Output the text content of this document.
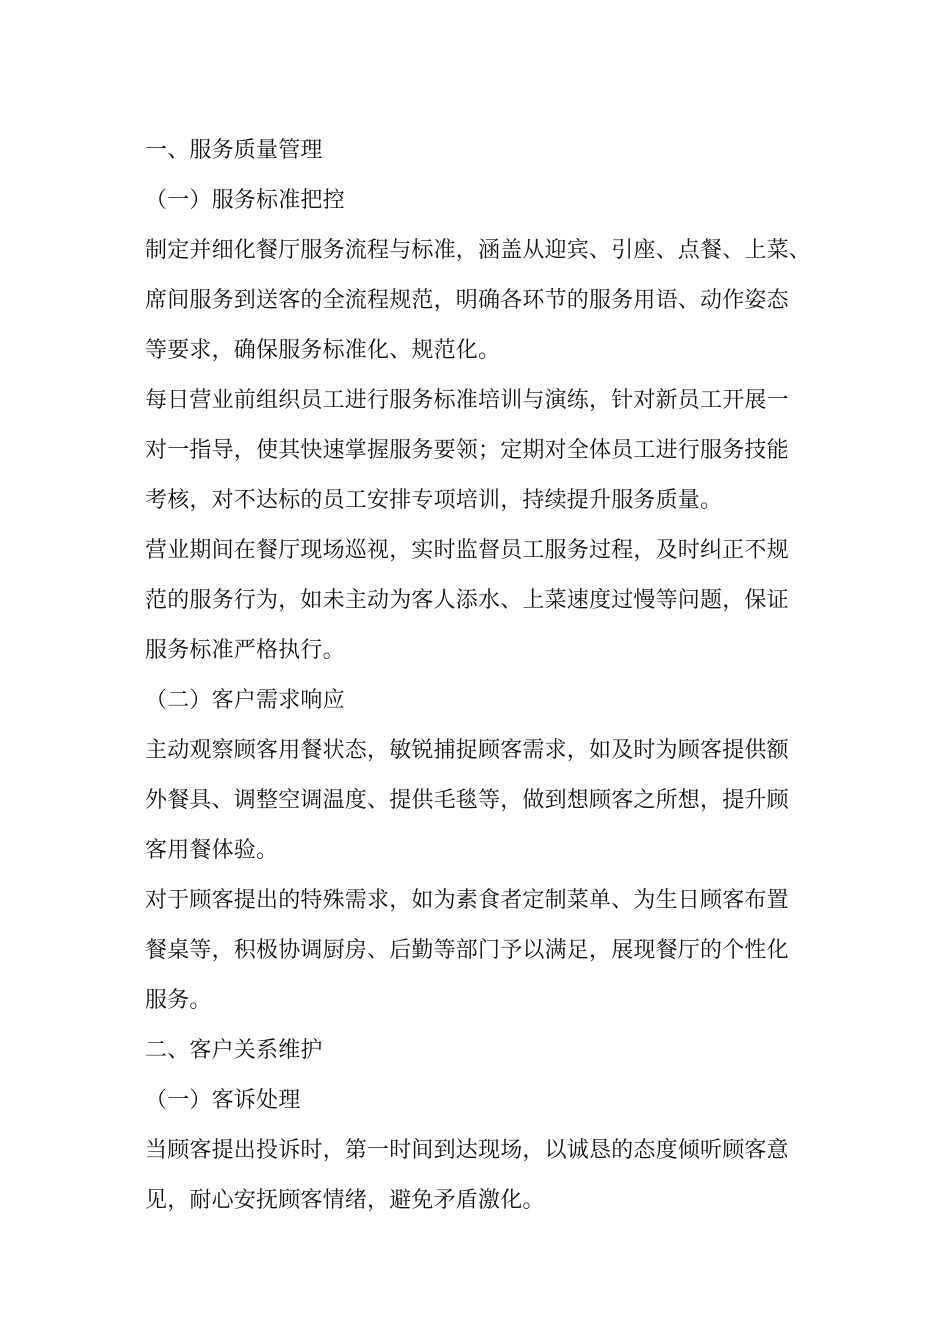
一、服务质量管理
（一）服务标准把控
制定并细化餐厅服务流程与标准，涵盖从迎宾、引座、点餐、上菜、
席间服务到送客的全流程规范，明确各环节的服务用语、动作姿态
等要求，确保服务标准化、规范化。
每日营业前组织员工进行服务标准培训与演练，针对新员工开展一
对一指导，使其快速掌握服务要领；定期对全体员工进行服务技能
考核，对不达标的员工安排专项培训，持续提升服务质量。
营业期间在餐厅现场巡视，实时监督员工服务过程，及时纠正不规
范的服务行为，如未主动为客人添水、上菜速度过慢等问题，保证
服务标准严格执行。
（二）客户需求响应
主动观察顾客用餐状态，敏锐捕捉顾客需求，如及时为顾客提供额
外餐具、调整空调温度、提供毛毯等，做到想顾客之所想，提升顾
客用餐体验。
对于顾客提出的特殊需求，如为素食者定制菜单、为生日顾客布置
餐桌等，积极协调厨房、后勤等部门予以满足，展现餐厅的个性化
服务。
二、客户关系维护
（一）客诉处理
当顾客提出投诉时，第一时间到达现场，以诚恳的态度倾听顾客意
见，耐心安抚顾客情绪，避免矛盾激化。
